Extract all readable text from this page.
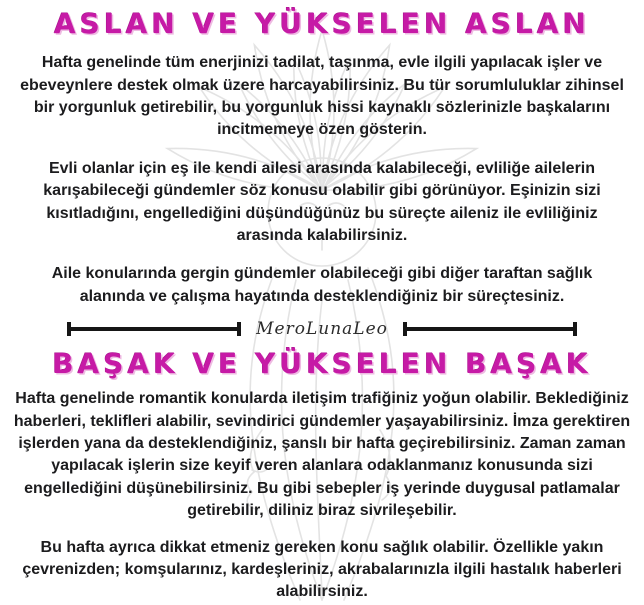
ASLAN VE YÜKSELEN ASLAN

Hafta genelinde tüm enerjinizi tadilat, taşınma, evle ilgili yapılacak işler ve ebeveynlere destek olmak üzere harcayabilirsiniz. Bu tür sorumluluklar zihinsel bir yorgunluk getirebilir, bu yorgunluk hissi kaynaklı sözlerinizle başkalarını incitmemeye özen gösterin.

Evli olanlar için eş ile kendi ailesi arasında kalabileceği, evliliğe ailelerin karışabileceği gündemler söz konusu olabilir gibi görünüyor. Eşinizin sizi kısıtladığını, engellediğini düşündüğünüz bu süreçte aileniz ile evliliğiniz arasında kalabilirsiniz.

Aile konularında gergin gündemler olabileceği gibi diğer taraftan sağlık alanında ve çalışma hayatında desteklendiğiniz bir süreçtesiniz.

MeroLunaLeo
BAŞAK VE YÜKSELEN BAŞAK

Hafta genelinde romantik konularda iletişim trafiğiniz yoğun olabilir. Beklediğiniz haberleri, teklifleri alabilir, sevindirici gündemler yaşayabilirsiniz. İmza gerektiren işlerden yana da desteklendiğiniz, şanslı bir hafta geçirebilirsiniz. Zaman zaman yapılacak işlerin size keyif veren alanlara odaklanmanız konusunda sizi engellediğini düşünebilirsiniz. Bu gibi sebepler iş yerinde duygusal patlamalar getirebilir, diliniz biraz sivrileşebilir.

Bu hafta ayrıca dikkat etmeniz gereken konu sağlık olabilir. Özellikle yakın çevrenizden; komşularınız, kardeşleriniz, akrabalarınızla ilgili hastalık haberleri alabilirsiniz.
